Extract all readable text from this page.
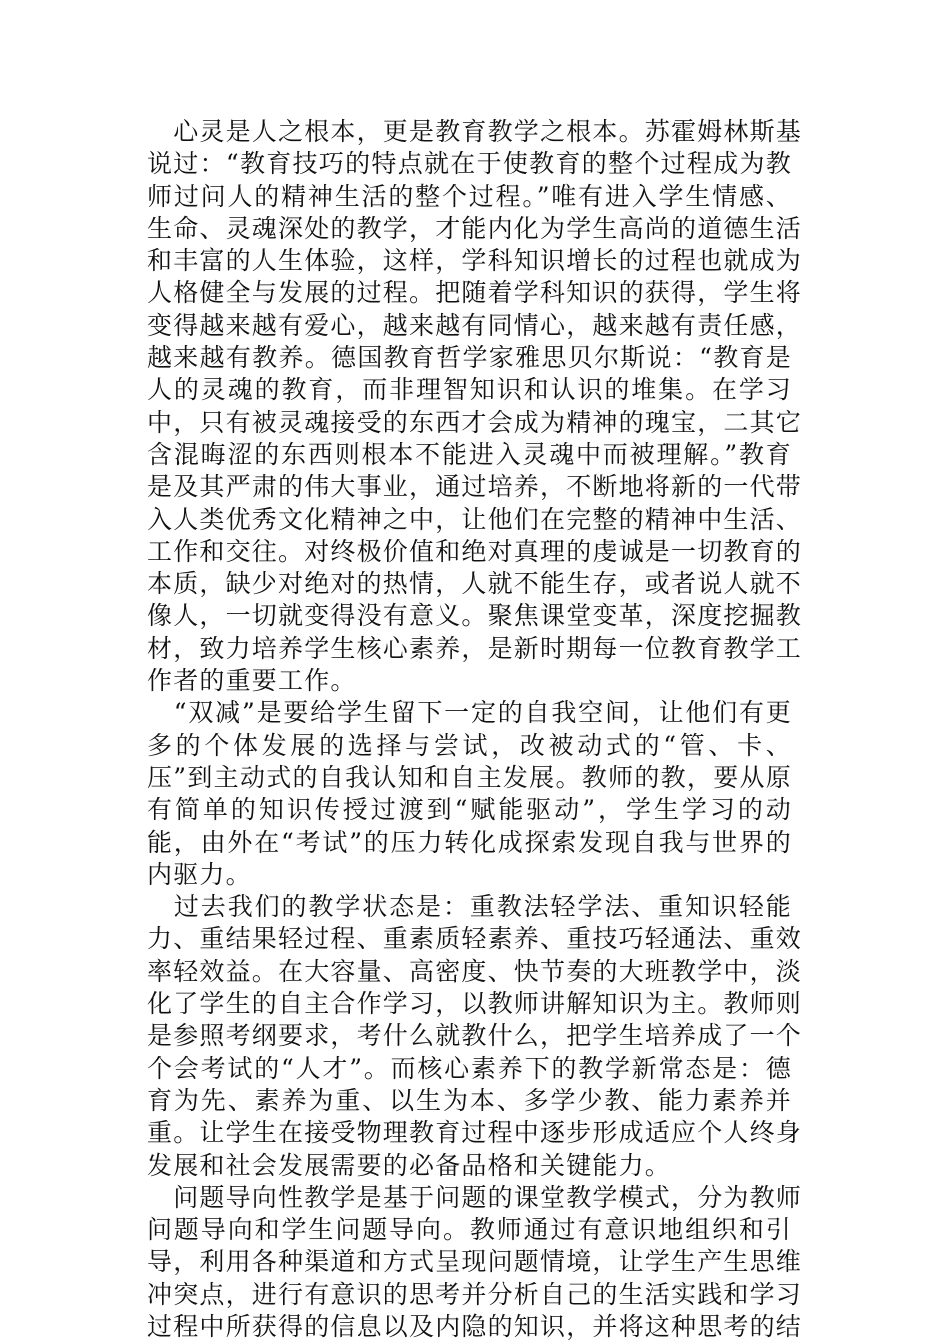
　心灵是人之根本，更是教育教学之根本。苏霍姆林斯基
说过：“教育技巧的特点就在于使教育的整个过程成为教
师过问人的精神生活的整个过程。”唯有进入学生情感、
生命、灵魂深处的教学，才能内化为学生高尚的道德生活
和丰富的人生体验，这样，学科知识增长的过程也就成为
人格健全与发展的过程。把随着学科知识的获得，学生将
变得越来越有爱心，越来越有同情心，越来越有责任感，
越来越有教养。德国教育哲学家雅思贝尔斯说：“教育是
人的灵魂的教育，而非理智知识和认识的堆集。在学习
中，只有被灵魂接受的东西才会成为精神的瑰宝，二其它
含混晦涩的东西则根本不能进入灵魂中而被理解。”教育
是及其严肃的伟大事业，通过培养，不断地将新的一代带
入人类优秀文化精神之中，让他们在完整的精神中生活、
工作和交往。对终极价值和绝对真理的虔诚是一切教育的
本质，缺少对绝对的热情，人就不能生存，或者说人就不
像人，一切就变得没有意义。聚焦课堂变革，深度挖掘教
材，致力培养学生核心素养，是新时期每一位教育教学工
作者的重要工作。
　“双减”是要给学生留下一定的自我空间，让他们有更
多的个体发展的选择与尝试，改被动式的“管、卡、
压”到主动式的自我认知和自主发展。教师的教，要从原
有简单的知识传授过渡到“赋能驱动”，学生学习的动
能，由外在“考试”的压力转化成探索发现自我与世界的
内驱力。
　过去我们的教学状态是：重教法轻学法、重知识轻能
力、重结果轻过程、重素质轻素养、重技巧轻通法、重效
率轻效益。在大容量、高密度、快节奏的大班教学中，淡
化了学生的自主合作学习，以教师讲解知识为主。教师则
是参照考纲要求，考什么就教什么，把学生培养成了一个
个会考试的“人才”。而核心素养下的教学新常态是：德
育为先、素养为重、以生为本、多学少教、能力素养并
重。让学生在接受物理教育过程中逐步形成适应个人终身
发展和社会发展需要的必备品格和关键能力。
　问题导向性教学是基于问题的课堂教学模式，分为教师
问题导向和学生问题导向。教师通过有意识地组织和引
导，利用各种渠道和方式呈现问题情境，让学生产生思维
冲突点，进行有意识的思考并分析自己的生活实践和学习
过程中所获得的信息以及内隐的知识，并将这种思考的结
